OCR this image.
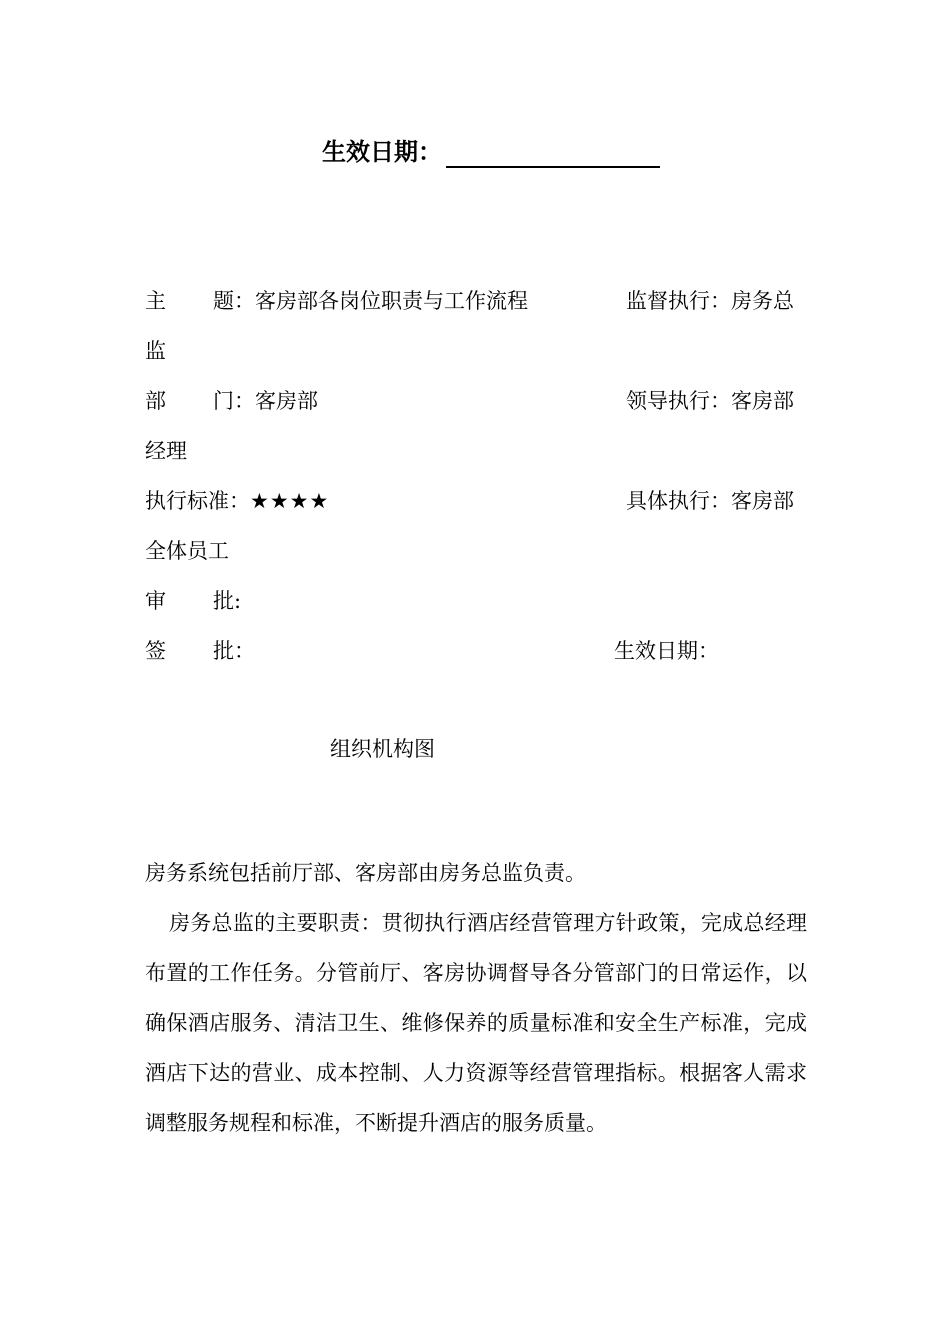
生效日期：
主 题：客房部各岗位职责与工作流程	监督执行：房务总
监
部 门：客房部	领导执行：客房部
经理
执行标准：★★★★	具体执行：客房部
全体员工
审 批:
签 批：	生效日期：
组织机构图
房务系统包括前厅部、客房部由房务总监负责。
房务总监的主要职责：贯彻执行酒店经营管理方针政策，完成总经理布置的工作任务。分管前厅、客房协调督导各分管部门的日常运作，以确保酒店服务、清洁卫生、维修保养的质量标准和安全生产标准，完成酒店下达的营业、成本控制、人力资源等经营管理指标。根据客人需求调整服务规程和标准，不断提升酒店的服务质量。
